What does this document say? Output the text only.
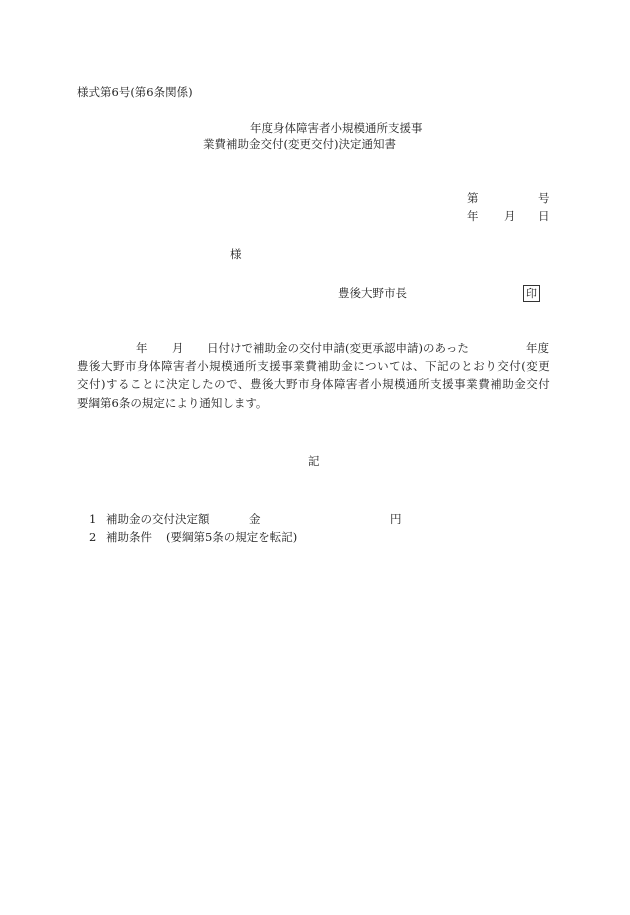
様式第6号(第6条関係)
年度身体障害者小規模通所支援事
業費補助金交付(変更交付)決定通知書
第	号
年 月 日
様
豊後大野市長	印
年 月 日付けで補助金の交付申請(変更承認申請)のあった	年度
豊後大野市身体障害者小規模通所支援事業費補助金については、下記のとおり交付(変更
交付)することに決定したので、豊後大野市身体障害者小規模通所支援事業費補助金交付
要綱第6条の規定により通知します。
記
1 補助金の交付決定額	金	円
2 補助条件 (要綱第5条の規定を転記)
